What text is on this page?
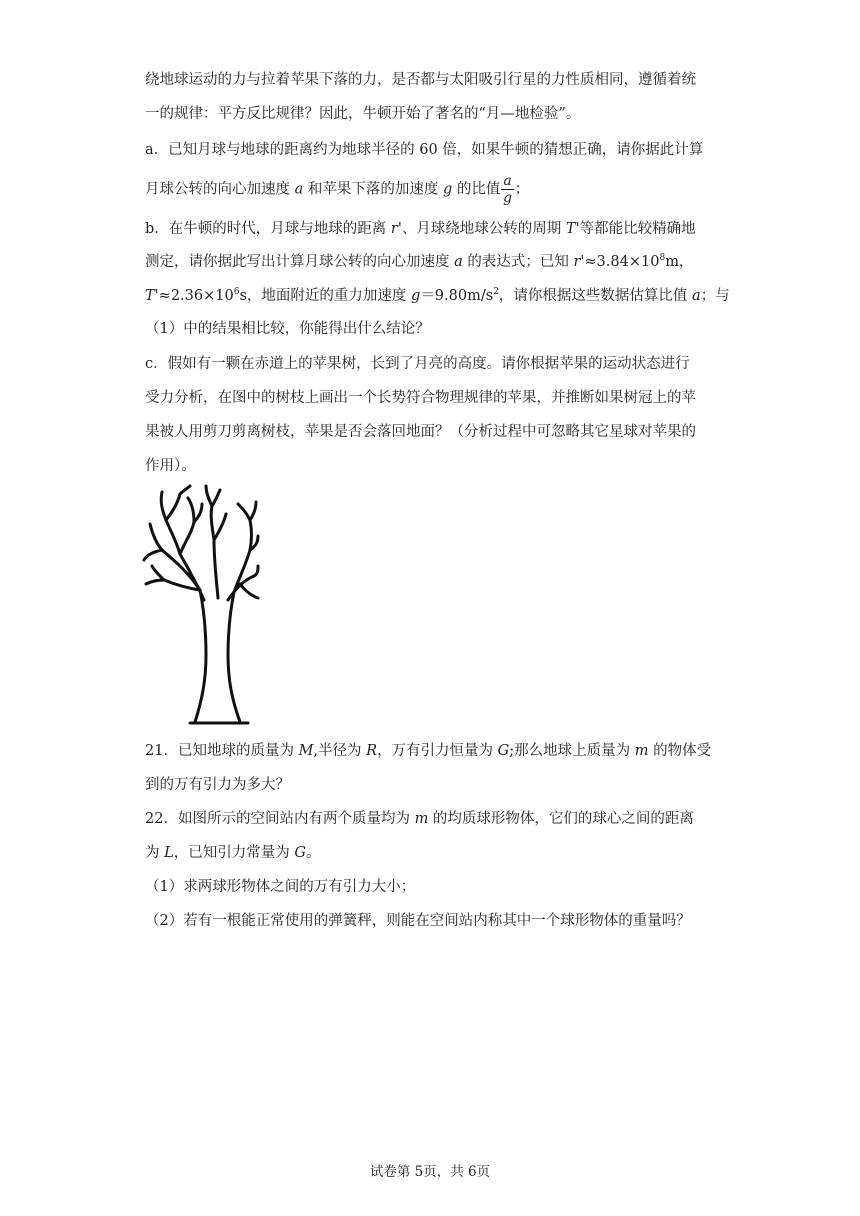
绕地球运动的力与拉着苹果下落的力，是否都与太阳吸引行星的力性质相同，遵循着统
一的规律：平方反比规律？因此，牛顿开始了著名的“月—地检验”。
a．已知月球与地球的距离约为地球半径的 60 倍，如果牛顿的猜想正确，请你据此计算
月球公转的向心加速度 a 和苹果下落的加速度 g 的比值 $\frac{a}{g}$ ；
b．在牛顿的时代，月球与地球的距离 r'、月球绕地球公转的周期 T'等都能比较精确地
测定，请你据此写出计算月球公转的向心加速度 a 的表达式；已知 $r'\approx 3.84\times 10^8m$，
$T'\approx 2.36\times 10^6s$，地面附近的重力加速度 $g=9.80m/s^2$，请你根据这些数据估算比值 a；与
（1）中的结果相比较，你能得出什么结论？
c．假如有一颗在赤道上的苹果树，长到了月亮的高度。请你根据苹果的运动状态进行
受力分析，在图中的树枝上画出一个长势符合物理规律的苹果，并推断如果树冠上的苹
果被人用剪刀剪离树枝，苹果是否会落回地面？（分析过程中可忽略其它星球对苹果的
作用）。
21．已知地球的质量为 M,半径为 R，万有引力恒量为 G;那么地球上质量为 m 的物体受
到的万有引力为多大？
22．如图所示的空间站内有两个质量均为 m 的均质球形物体，它们的球心之间的距离
为 L，已知引力常量为 G。
（1）求两球形物体之间的万有引力大小；
（2）若有一根能正常使用的弹簧秤，则能在空间站内称其中一个球形物体的重量吗？
试卷第 5页，共 6页
